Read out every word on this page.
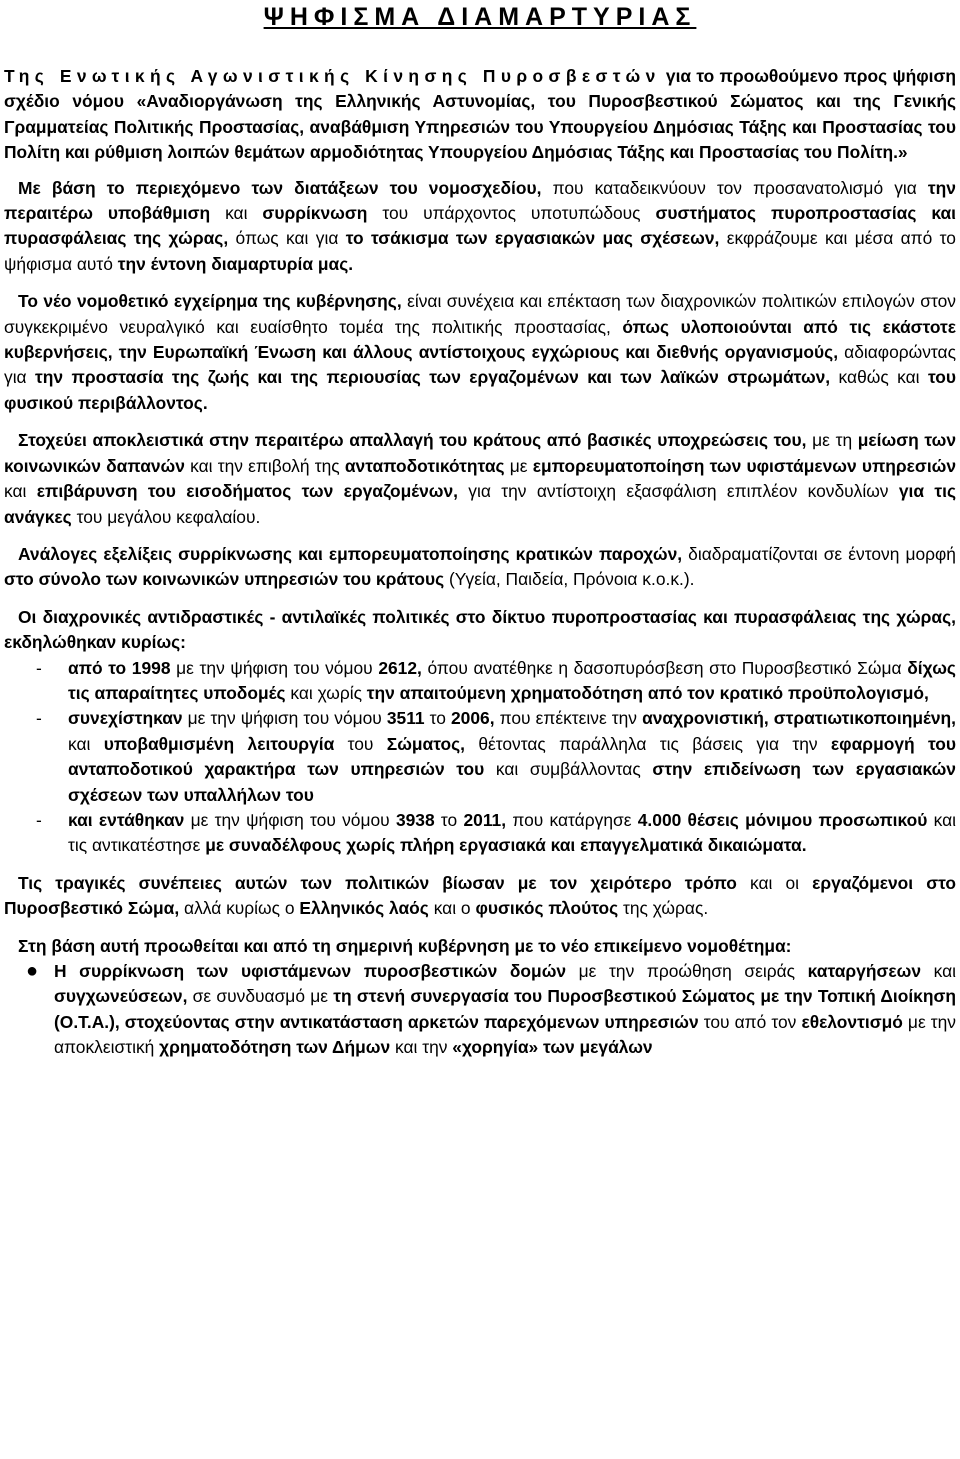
ΨΗΦΙΣΜΑ ΔΙΑΜΑΡΤΥΡΙΑΣ

Της Ενωτικής Αγωνιστικής Κίνησης Πυροσβεστών για το προωθούμενο προς ψήφιση σχέδιο νόμου «Αναδιοργάνωση της Ελληνικής Αστυνομίας, του Πυροσβεστικού Σώματος και της Γενικής Γραμματείας Πολιτικής Προστασίας, αναβάθμιση Υπηρεσιών του Υπουργείου Δημόσιας Τάξης και Προστασίας του Πολίτη και ρύθμιση λοιπών θεμάτων αρμοδιότητας Υπουργείου Δημόσιας Τάξης και Προστασίας του Πολίτη.»

Με βάση το περιεχόμενο των διατάξεων του νομοσχεδίου, που καταδεικνύουν τον προσανατολισμό για την περαιτέρω υποβάθμιση και συρρίκνωση του υπάρχοντος υποτυπώδους συστήματος πυροπροστασίας και πυρασφάλειας της χώρας, όπως και για το τσάκισμα των εργασιακών μας σχέσεων, εκφράζουμε και μέσα από το ψήφισμα αυτό την έντονη διαμαρτυρία μας.

Το νέο νομοθετικό εγχείρημα της κυβέρνησης, είναι συνέχεια και επέκταση των διαχρονικών πολιτικών επιλογών στον συγκεκριμένο νευραλγικό και ευαίσθητο τομέα της πολιτικής προστασίας, όπως υλοποιούνται από τις εκάστοτε κυβερνήσεις, την Ευρωπαϊκή Ένωση και άλλους αντίστοιχους εγχώριους και διεθνής οργανισμούς, αδιαφορώντας για την προστασία της ζωής και της περιουσίας των εργαζομένων και των λαϊκών στρωμάτων, καθώς και του φυσικού περιβάλλοντος.

Στοχεύει αποκλειστικά στην περαιτέρω απαλλαγή του κράτους από βασικές υποχρεώσεις του, με τη μείωση των κοινωνικών δαπανών και την επιβολή της ανταποδοτικότητας με εμπορευματοποίηση των υφιστάμενων υπηρεσιών και επιβάρυνση του εισοδήματος των εργαζομένων, για την αντίστοιχη εξασφάλιση επιπλέον κονδυλίων για τις ανάγκες του μεγάλου κεφαλαίου.

Ανάλογες εξελίξεις συρρίκνωσης και εμπορευματοποίησης κρατικών παροχών, διαδραματίζονται σε έντονη μορφή στο σύνολο των κοινωνικών υπηρεσιών του κράτους (Υγεία, Παιδεία, Πρόνοια κ.ο.κ.).

Οι διαχρονικές αντιδραστικές - αντιλαϊκές πολιτικές στο δίκτυο πυροπροστασίας και πυρασφάλειας της χώρας, εκδηλώθηκαν κυρίως:

- από το 1998 με την ψήφιση του νόμου 2612, όπου ανατέθηκε η δασοπυρόσβεση στο Πυροσβεστικό Σώμα δίχως τις απαραίτητες υποδομές και χωρίς την απαιτούμενη χρηματοδότηση από τον κρατικό προϋπολογισμό,
- συνεχίστηκαν με την ψήφιση του νόμου 3511 το 2006, που επέκτεινε την αναχρονιστική, στρατιωτικοποιημένη, και υποβαθμισμένη λειτουργία του Σώματος, θέτοντας παράλληλα τις βάσεις για την εφαρμογή του ανταποδοτικού χαρακτήρα των υπηρεσιών του και συμβάλλοντας στην επιδείνωση των εργασιακών σχέσεων των υπαλλήλων του
- και εντάθηκαν με την ψήφιση του νόμου 3938 το 2011, που κατάργησε 4.000 θέσεις μόνιμου προσωπικού και τις αντικατέστησε με συναδέλφους χωρίς πλήρη εργασιακά και επαγγελματικά δικαιώματα.

Τις τραγικές συνέπειες αυτών των πολιτικών βίωσαν με τον χειρότερο τρόπο και οι εργαζόμενοι στο Πυροσβεστικό Σώμα, αλλά κυρίως ο Ελληνικός λαός και ο φυσικός πλούτος της χώρας.

Στη βάση αυτή προωθείται και από τη σημερινή κυβέρνηση με το νέο επικείμενο νομοθέτημα:

● Η συρρίκνωση των υφιστάμενων πυροσβεστικών δομών με την προώθηση σειράς καταργήσεων και συγχωνεύσεων, σε συνδυασμό με τη στενή συνεργασία του Πυροσβεστικού Σώματος με την Τοπική Διοίκηση (Ο.Τ.Α.), στοχεύοντας στην αντικατάσταση αρκετών παρεχόμενων υπηρεσιών του από τον εθελοντισμό με την αποκλειστική χρηματοδότηση των Δήμων και την «χορηγία» των μεγάλων
